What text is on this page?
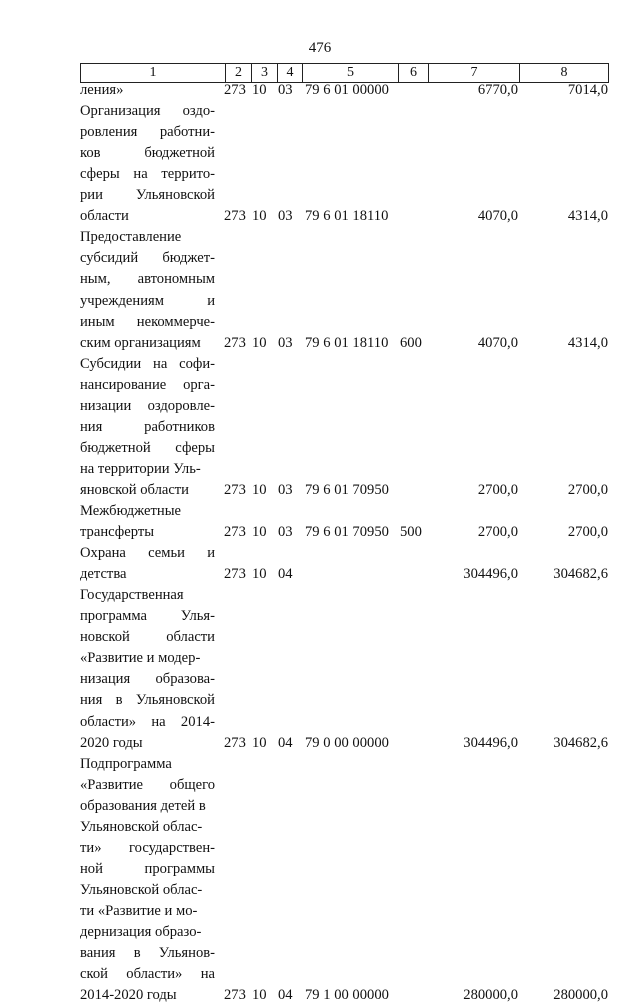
476
1	2	3	4	5	6	7	8
ления»	273 10 03 79 6 01 00000	6770,0	7014,0
Организация оздо-
ровления работни-
ков	бюджетной
сферы на террито-
рии Ульяновской
области	273 10 03 79 6 01 18110	4070,0	4314,0
Предоставление
субсидий бюджет-
ным, автономным
учреждениям	и
иным некоммерче-
ским организациям	273 10 03 79 6 01 18110 600	4070,0	4314,0
Субсидии на софи-
нансирование орга-
низации оздоровле-
ния	работников
бюджетной сферы
на территории Уль-
яновской области	273 10 03 79 6 01 70950	2700,0	2700,0
Межбюджетные
трансферты	273 10 03 79 6 01 70950 500	2700,0	2700,0
Охрана семьи и
детства	273 10 04	304496,0	304682,6
Государственная
программа Улья-
новской области
«Развитие и модер-
низация образова-
ния в Ульяновской
области» на 2014-
2020 годы	273 10 04 79 0 00 00000	304496,0	304682,6
Подпрограмма
«Развитие общего
образования детей в
Ульяновской облас-
ти» государствен-
ной	программы
Ульяновской облас-
ти «Развитие и мо-
дернизация образо-
вания в Ульянов-
ской области» на
2014-2020 годы	273 10 04 79 1 00 00000	280000,0	280000,0
